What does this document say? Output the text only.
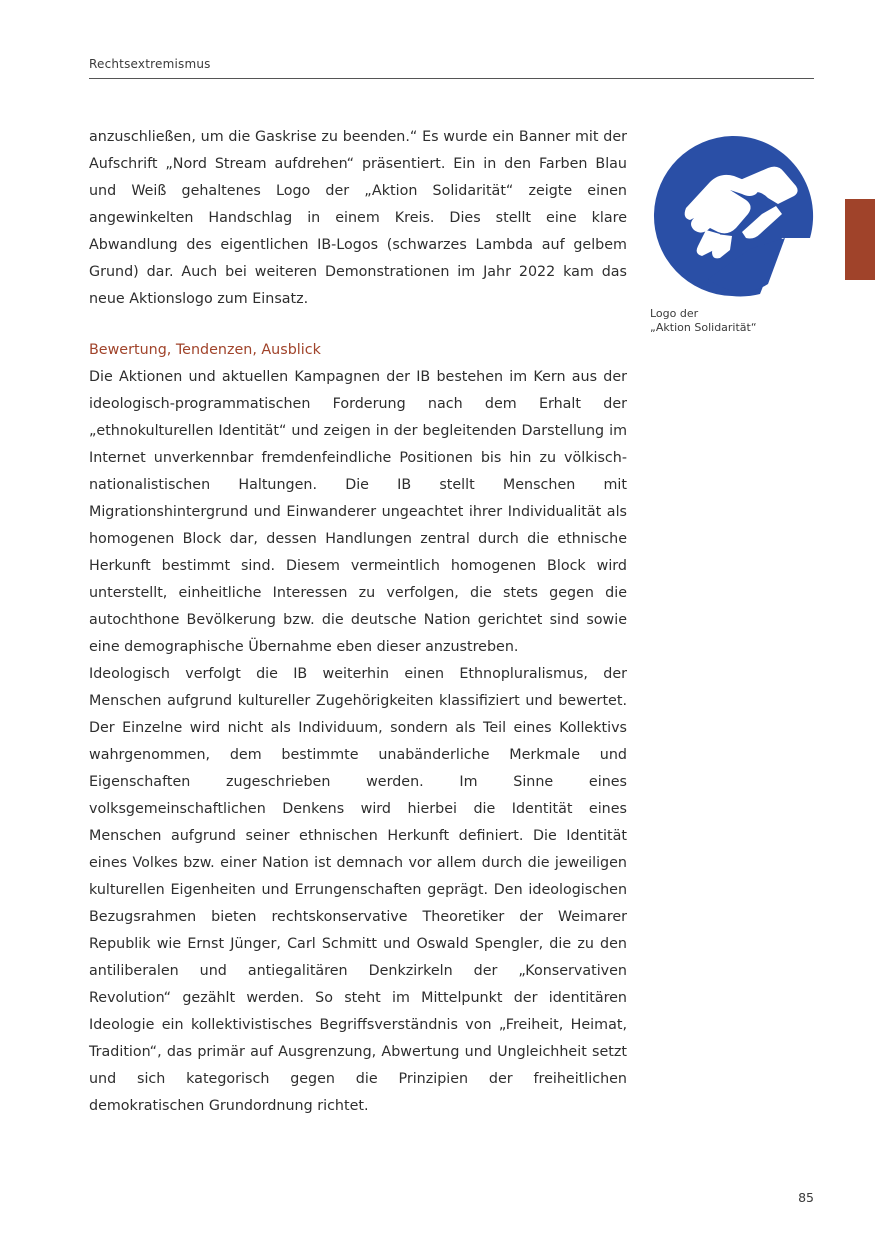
Rechtsextremismus

anzuschließen, um die Gaskrise zu beenden.“ Es wurde ein Banner mit der Aufschrift „Nord Stream aufdrehen“ präsentiert. Ein in den Farben Blau und Weiß gehaltenes Logo der „Aktion Solidarität“ zeigte einen angewinkelten Handschlag in einem Kreis. Dies stellt eine klare Abwandlung des eigentlichen IB-Logos (schwarzes Lambda auf gelbem Grund) dar. Auch bei weiteren Demonstrationen im Jahr 2022 kam das neue Aktionslogo zum Einsatz.

Bewertung, Tendenzen, Ausblick

Die Aktionen und aktuellen Kampagnen der IB bestehen im Kern aus der ideologisch-programmatischen Forderung nach dem Erhalt der „ethnokulturellen Identität“ und zeigen in der begleitenden Darstellung im Internet unverkennbar fremdenfeindliche Positionen bis hin zu völkisch-nationalistischen Haltungen. Die IB stellt Menschen mit Migrationshintergrund und Einwanderer ungeachtet ihrer Individualität als homogenen Block dar, dessen Handlungen zentral durch die ethnische Herkunft bestimmt sind. Diesem vermeintlich homogenen Block wird unterstellt, einheitliche Interessen zu verfolgen, die stets gegen die autochthone Bevölkerung bzw. die deutsche Nation gerichtet sind sowie eine demographische Übernahme eben dieser anzustreben.

Ideologisch verfolgt die IB weiterhin einen Ethnopluralismus, der Menschen aufgrund kultureller Zugehörigkeiten klassifiziert und bewertet. Der Einzelne wird nicht als Individuum, sondern als Teil eines Kollektivs wahrgenommen, dem bestimmte unabänderliche Merkmale und Eigenschaften zugeschrieben werden. Im Sinne eines volksgemeinschaftlichen Denkens wird hierbei die Identität eines Menschen aufgrund seiner ethnischen Herkunft definiert. Die Identität eines Volkes bzw. einer Nation ist demnach vor allem durch die jeweiligen kulturellen Eigenheiten und Errungenschaften geprägt. Den ideologischen Bezugsrahmen bieten rechtskonservative Theoretiker der Weimarer Republik wie Ernst Jünger, Carl Schmitt und Oswald Spengler, die zu den antiliberalen und antiegalitären Denkzirkeln der „Konservativen Revolution“ gezählt werden. So steht im Mittelpunkt der identitären Ideologie ein kollektivistisches Begriffsverständnis von „Freiheit, Heimat, Tradition“, das primär auf Ausgrenzung, Abwertung und Ungleichheit setzt und sich kategorisch gegen die Prinzipien der freiheitlichen demokratischen Grundordnung richtet.

Logo der
„Aktion Solidarität“
85
